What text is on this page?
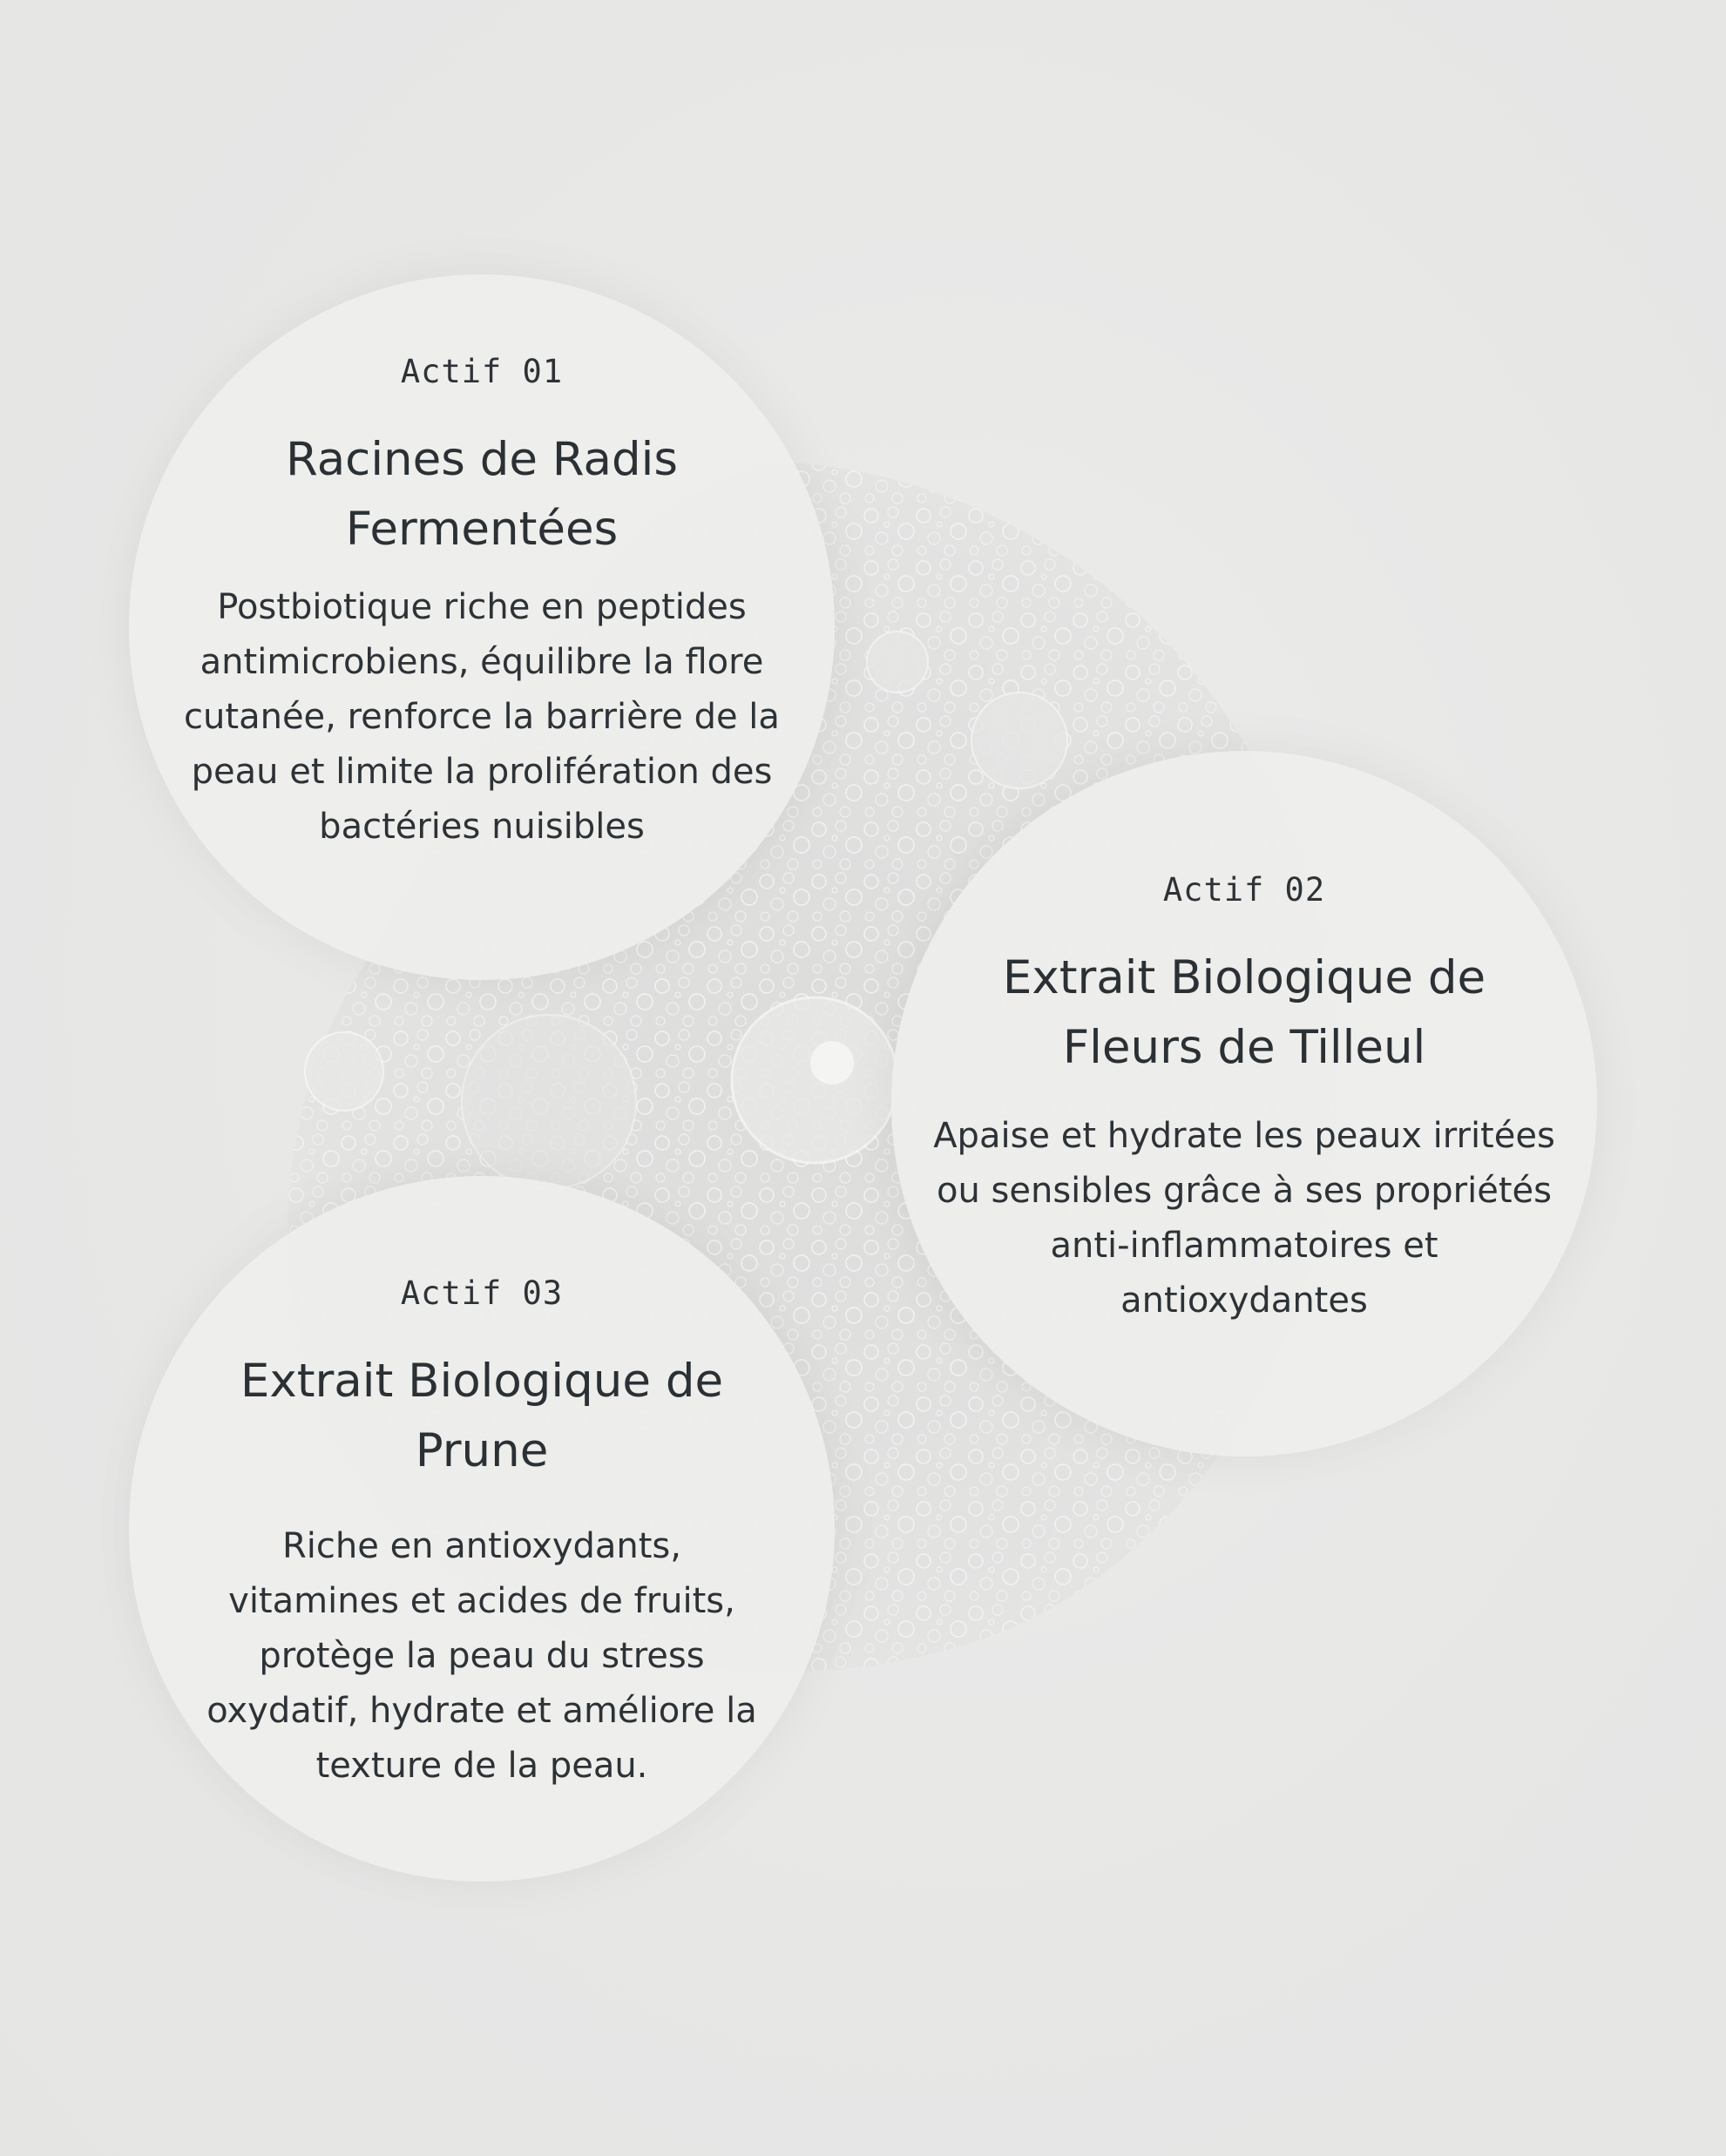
Actif 01
Racines de Radis Fermentées

Postbiotique riche en peptides antimicrobiens, équilibre la flore cutanée, renforce la barrière de la peau et limite la prolifération des bactéries nuisibles

Actif 02
Extrait Biologique de Fleurs de Tilleul

Apaise et hydrate les peaux irritées ou sensibles grâce à ses propriétés anti-inflammatoires et antioxydantes

Actif 03
Extrait Biologique de Prune

Riche en antioxydants, vitamines et acides de fruits, protège la peau du stress oxydatif, hydrate et améliore la texture de la peau.
